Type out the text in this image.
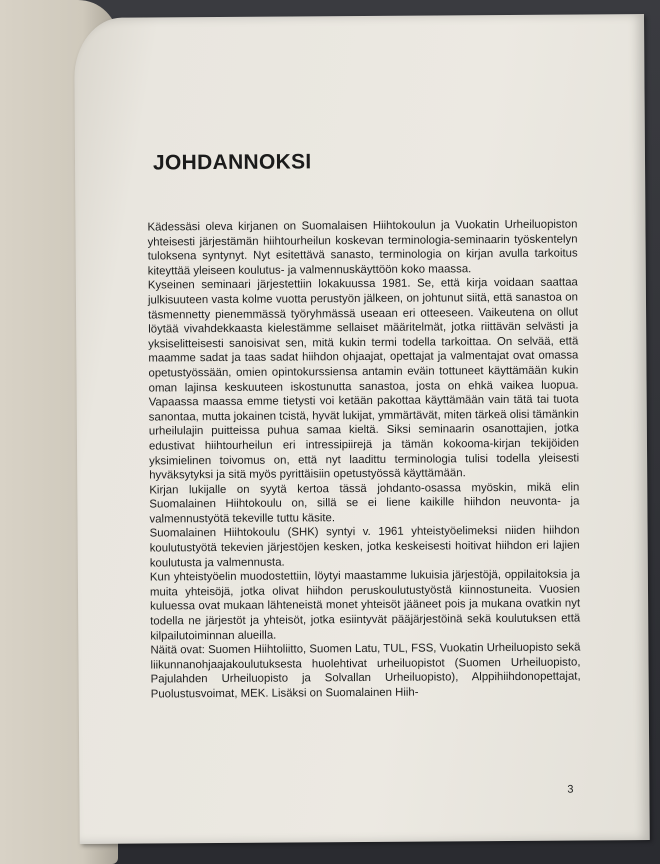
JOHDANNOKSI

Kädessäsi oleva kirjanen on Suomalaisen Hiihtokoulun ja Vuokatin Urheiluopiston yhteisesti järjestämän hiihtourheilun koskevan terminologia-seminaarin työskentelyn tuloksena syntynyt. Nyt esitettävä sanasto, terminologia on kirjan avulla tarkoitus kiteyttää yleiseen koulutus- ja valmennuskäyttöön koko maassa.

Kyseinen seminaari järjestettiin lokakuussa 1981. Se, että kirja voidaan saattaa julkisuuteen vasta kolme vuotta perustyön jälkeen, on johtunut siitä, että sanastoa on täsmennetty pienemmässä työryhmässä useaan eri otteeseen. Vaikeutena on ollut löytää vivahdekkaasta kielestämme sellaiset määritelmät, jotka riittävän selvästi ja yksiselitteisesti sanoisivat sen, mitä kukin termi todella tarkoittaa. On selvää, että maamme sadat ja taas sadat hiihdon ohjaajat, opettajat ja valmentajat ovat omassa opetustyössään, omien opintokurssiensa antamin eväin tottuneet käyttämään kukin oman lajinsa keskuuteen iskostunutta sanastoa, josta on ehkä vaikea luopua. Vapaassa maassa emme tietysti voi ketään pakottaa käyttämään vain tätä tai tuota sanontaa, mutta jokainen tcistä, hyvät lukijat, ymmärtävät, miten tärkeä olisi tämänkin urheilulajin puitteissa puhua samaa kieltä. Siksi seminaarin osanottajien, jotka edustivat hiihtourheilun eri intressipiirejä ja tämän kokooma-kirjan tekijöiden yksimielinen toivomus on, että nyt laadittu terminologia tulisi todella yleisesti hyväksytyksi ja sitä myös pyrittäisiin opetustyössä käyttämään.

Kirjan lukijalle on syytä kertoa tässä johdanto-osassa myöskin, mikä elin Suomalainen Hiihtokoulu on, sillä se ei liene kaikille hiihdon neuvonta- ja valmennustyötä tekeville tuttu käsite.

Suomalainen Hiihtokoulu (SHK) syntyi v. 1961 yhteistyöelimeksi niiden hiihdon koulutustyötä tekevien järjestöjen kesken, jotka keskeisesti hoitivat hiihdon eri lajien koulutusta ja valmennusta.

Kun yhteistyöelin muodostettiin, löytyi maastamme lukuisia järjestöjä, oppilaitoksia ja muita yhteisöjä, jotka olivat hiihdon peruskoulutustyöstä kiinnostuneita. Vuosien kuluessa ovat mukaan lähteneistä monet yhteisöt jääneet pois ja mukana ovatkin nyt todella ne järjestöt ja yhteisöt, jotka esiintyvät pääjärjestöinä sekä koulutuksen että kilpailutoiminnan alueilla.

Näitä ovat: Suomen Hiihtoliitto, Suomen Latu, TUL, FSS, Vuokatin Urheiluopisto sekä liikunnanohjaajakoulutuksesta huolehtivat urheiluopistot (Suomen Urheiluopisto, Pajulahden Urheiluopisto ja Solvallan Urheiluopisto), Alppihiihdonopettajat, Puolustusvoimat, MEK. Lisäksi on Suomalainen Hiih-

3
